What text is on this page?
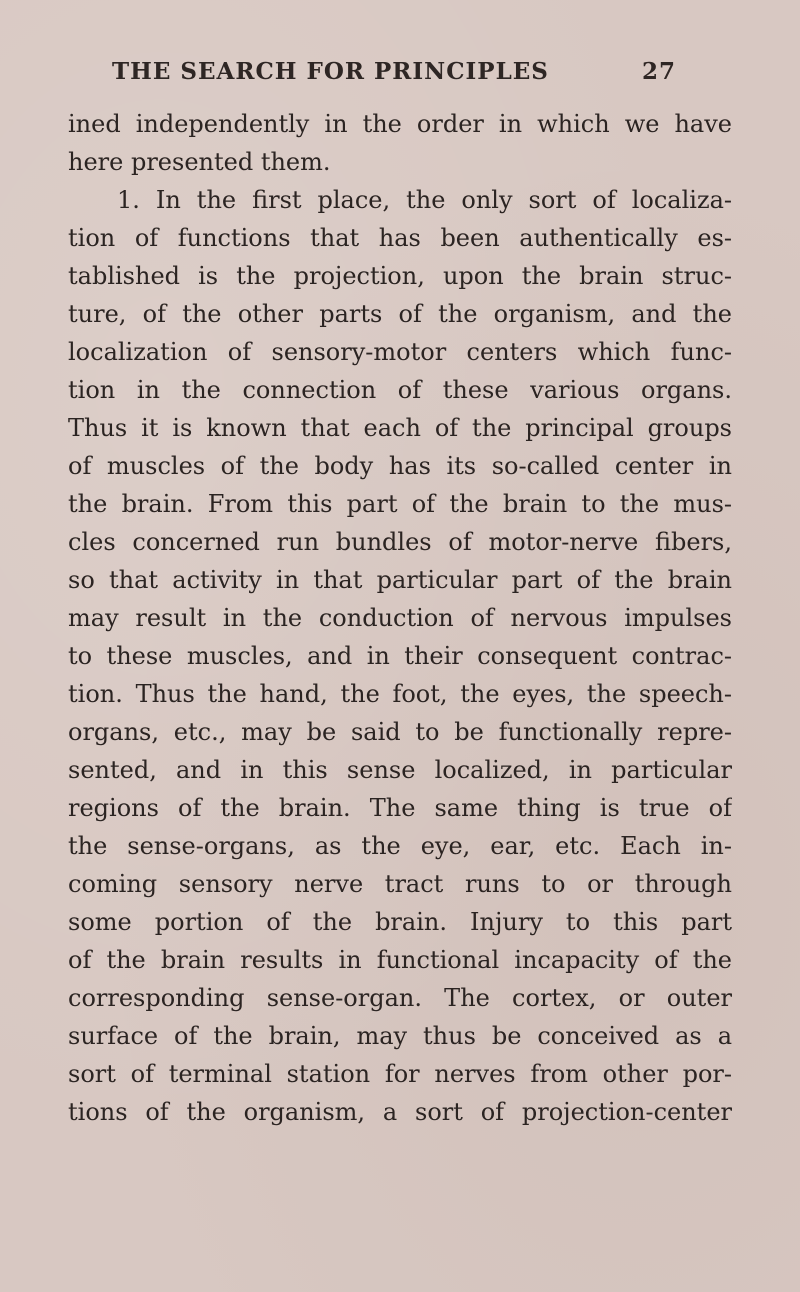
THE SEARCH FOR PRINCIPLES	27
ined independently in the order in which we have
here presented them.
1. In the first place, the only sort of localiza-
tion of functions that has been authentically es-
tablished is the projection, upon the brain struc-
ture, of the other parts of the organism, and the
localization of sensory-motor centers which func-
tion in the connection of these various organs.
Thus it is known that each of the principal groups
of muscles of the body has its so-called center in
the brain. From this part of the brain to the mus-
cles concerned run bundles of motor-nerve fibers,
so that activity in that particular part of the brain
may result in the conduction of nervous impulses
to these muscles, and in their consequent contrac-
tion. Thus the hand, the foot, the eyes, the speech-
organs, etc., may be said to be functionally repre-
sented, and in this sense localized, in particular
regions of the brain. The same thing is true of
the sense-organs, as the eye, ear, etc. Each in-
coming sensory nerve tract runs to or through
some portion of the brain. Injury to this part
of the brain results in functional incapacity of the
corresponding sense-organ. The cortex, or outer
surface of the brain, may thus be conceived as a
sort of terminal station for nerves from other por-
tions of the organism, a sort of projection-center
